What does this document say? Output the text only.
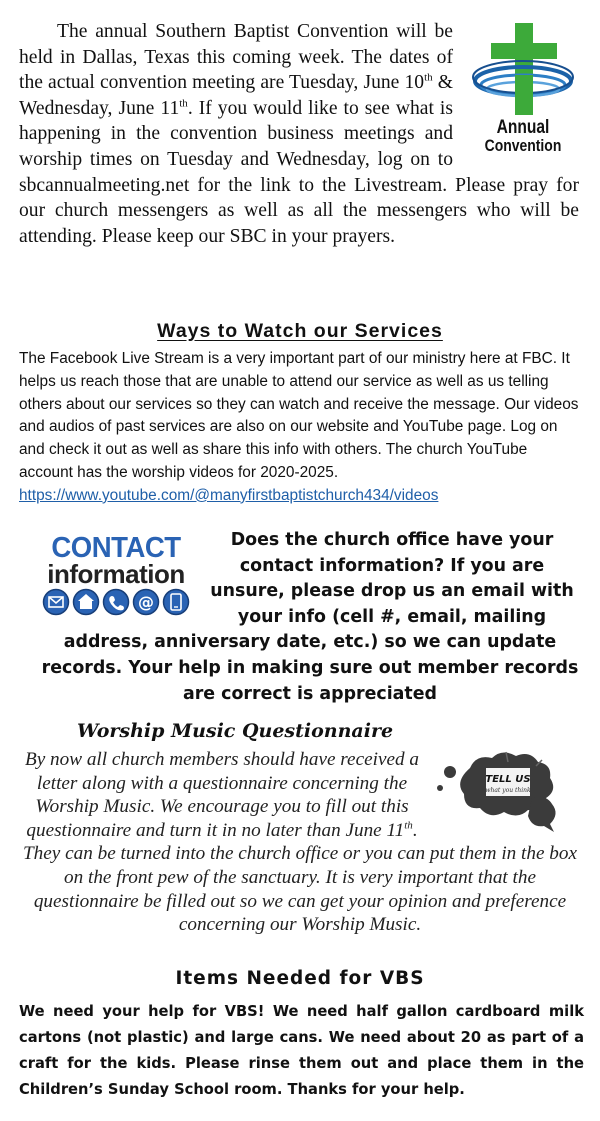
Annual
Convention

The annual Southern Baptist Convention will be held in Dallas, Texas this coming week. The dates of the actual convention meeting are Tuesday, June 10th & Wednesday, June 11th. If you would like to see what is happening in the convention business meetings and worship times on Tuesday and Wednesday, log on to sbcannualmeeting.net for the link to the Livestream. Please pray for our church messengers as well as all the messengers who will be attending. Please keep our SBC in your prayers.

Ways to Watch our Services
The Facebook Live Stream is a very important part of our ministry here at FBC. It helps us reach those that are unable to attend our service as well as us telling others about our services so they can watch and receive the message. Our videos and audios of past services are also on our website and YouTube page. Log on and check it out as well as share this info with others. The church YouTube account has the worship videos for 2020-2025. https://www.youtube.com/@manyfirstbaptistchurch434/videos
CONTACT
information
@
Does the church office have your contact information? If you are unsure, please drop us an email with your info (cell #, email, mailing address, anniversary date, etc.) so we can update records. Your help in making sure out member records are correct is appreciated
Worship Music Questionnaire
TELL US
what you think
By now all church members should have received a letter along with a questionnaire concerning the Worship Music. We encourage you to fill out this questionnaire and turn it in no later than June 11th. They can be turned into the church office or you can put them in the box on the front pew of the sanctuary. It is very important that the questionnaire be filled out so we can get your opinion and preference concerning our Worship Music.
Items Needed for VBS
We need your help for VBS! We need half gallon cardboard milk cartons (not plastic) and large cans. We need about 20 as part of a craft for the kids. Please rinse them out and place them in the Children’s Sunday School room. Thanks for your help.
